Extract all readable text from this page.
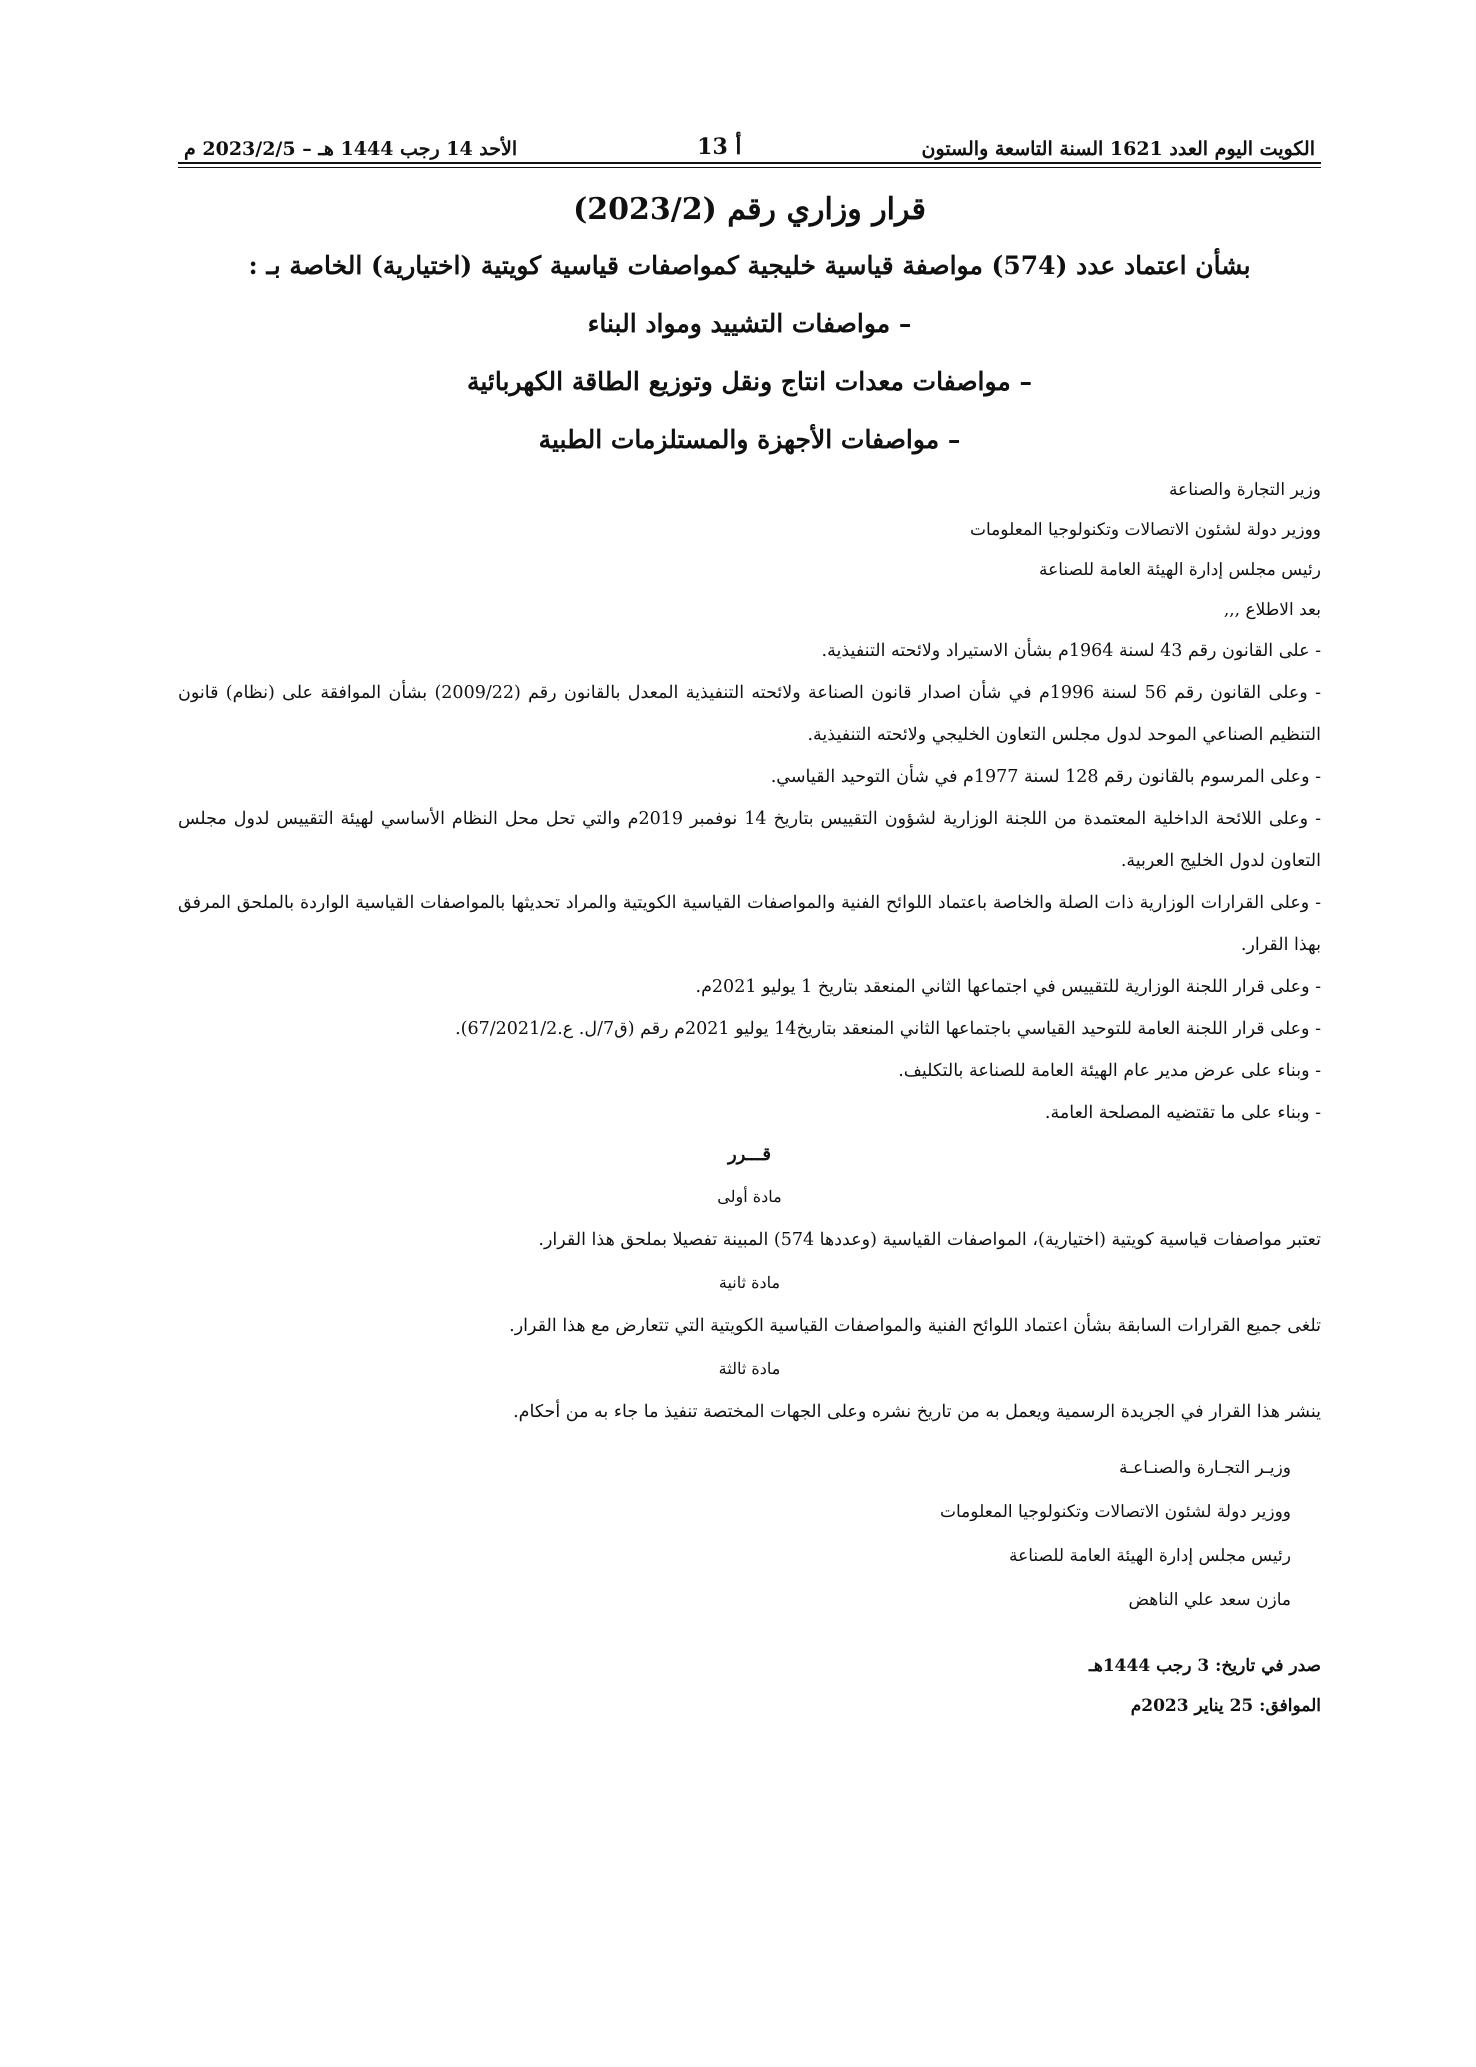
الكويت اليوم العدد 1621 السنة التاسعة والستون
أ 13
الأحد 14 رجب 1444 هـ – 2023/2/5 م
قرار وزاري رقم (2023/2)
بشأن اعتماد عدد (574) مواصفة قياسية خليجية كمواصفات قياسية كويتية (اختيارية) الخاصة بـ :
– مواصفات التشييد ومواد البناء
– مواصفات معدات انتاج ونقل وتوزيع الطاقة الكهربائية
– مواصفات الأجهزة والمستلزمات الطبية
وزير التجارة والصناعة
ووزير دولة لشئون الاتصالات وتكنولوجيا المعلومات
رئيس مجلس إدارة الهيئة العامة للصناعة
بعد الاطلاع ,,,
- على القانون رقم 43 لسنة 1964م بشأن الاستيراد ولائحته التنفيذية.
- وعلى القانون رقم 56 لسنة 1996م في شأن اصدار قانون الصناعة ولائحته التنفيذية المعدل بالقانون رقم (2009/22) بشأن الموافقة على (نظام) قانون التنظيم الصناعي الموحد لدول مجلس التعاون الخليجي ولائحته التنفيذية.
- وعلى المرسوم بالقانون رقم 128 لسنة 1977م في شأن التوحيد القياسي.
- وعلى اللائحة الداخلية المعتمدة من اللجنة الوزارية لشؤون التقييس بتاريخ 14 نوفمبر 2019م والتي تحل محل النظام الأساسي لهيئة التقييس لدول مجلس التعاون لدول الخليج العربية.
- وعلى القرارات الوزارية ذات الصلة والخاصة باعتماد اللوائح الفنية والمواصفات القياسية الكويتية والمراد تحديثها بالمواصفات القياسية الواردة بالملحق المرفق بهذا القرار.
- وعلى قرار اللجنة الوزارية للتقييس في اجتماعها الثاني المنعقد بتاريخ 1 يوليو 2021م.
- وعلى قرار اللجنة العامة للتوحيد القياسي باجتماعها الثاني المنعقد بتاريخ14 يوليو 2021م رقم (ق7/ل. ع.67/2021/2).
- وبناء على عرض مدير عام الهيئة العامة للصناعة بالتكليف.
- وبناء على ما تقتضيه المصلحة العامة.
قـــرر
مادة أولى
تعتبر مواصفات قياسية كويتية (اختيارية)، المواصفات القياسية (وعددها 574) المبينة تفصيلا بملحق هذا القرار.
مادة ثانية
تلغى جميع القرارات السابقة بشأن اعتماد اللوائح الفنية والمواصفات القياسية الكويتية التي تتعارض مع هذا القرار.
مادة ثالثة
ينشر هذا القرار في الجريدة الرسمية ويعمل به من تاريخ نشره وعلى الجهات المختصة تنفيذ ما جاء به من أحكام.
وزيـر التجـارة والصنـاعـة
ووزير دولة لشئون الاتصالات وتكنولوجيا المعلومات
رئيس مجلس إدارة الهيئة العامة للصناعة
مازن سعد علي الناهض
صدر في تاريخ: 3 رجب 1444هـ
الموافق: 25 يناير 2023م
